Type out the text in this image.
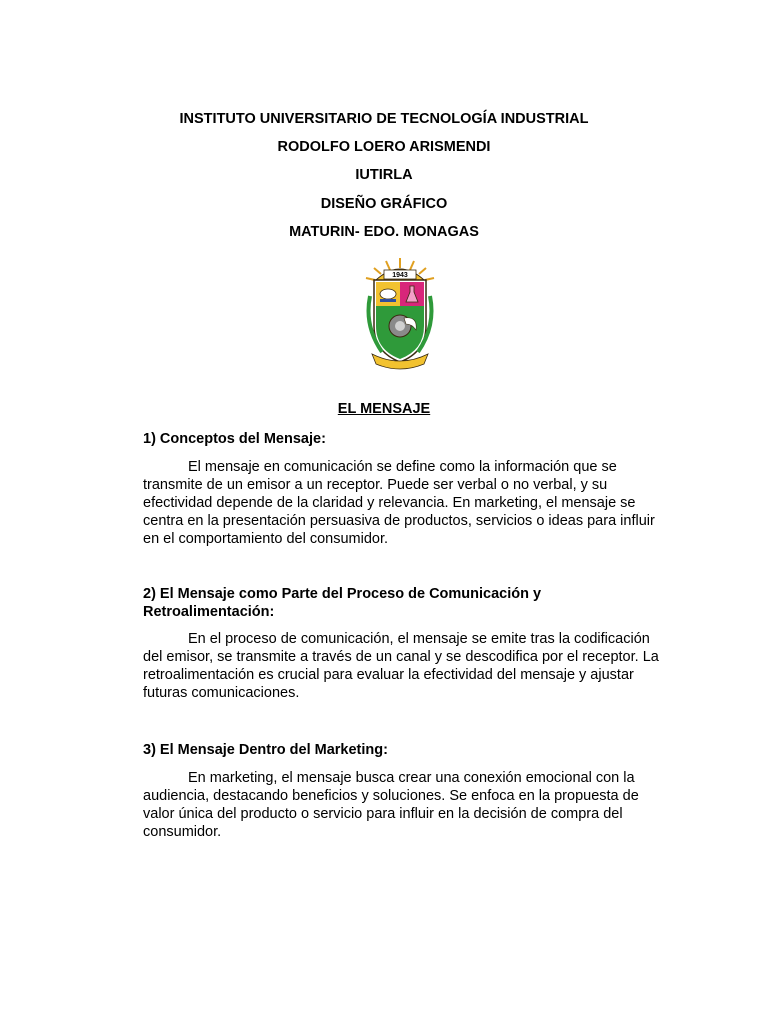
INSTITUTO UNIVERSITARIO DE TECNOLOGÍA INDUSTRIAL
RODOLFO LOERO ARISMENDI
IUTIRLA
DISEÑO GRÁFICO
MATURIN- EDO. MONAGAS
1943
EL MENSAJE
1) Conceptos del Mensaje:
El mensaje en comunicación se define como la información que se transmite de un emisor a un receptor. Puede ser verbal o no verbal, y su efectividad depende de la claridad y relevancia. En marketing, el mensaje se centra en la presentación persuasiva de productos, servicios o ideas para influir en el comportamiento del consumidor.
2) El Mensaje como Parte del Proceso de Comunicación y Retroalimentación:
En el proceso de comunicación, el mensaje se emite tras la codificación del emisor, se transmite a través de un canal y se descodifica por el receptor. La retroalimentación es crucial para evaluar la efectividad del mensaje y ajustar futuras comunicaciones.
3) El Mensaje Dentro del Marketing:
En marketing, el mensaje busca crear una conexión emocional con la audiencia, destacando beneficios y soluciones. Se enfoca en la propuesta de valor única del producto o servicio para influir en la decisión de compra del consumidor.
